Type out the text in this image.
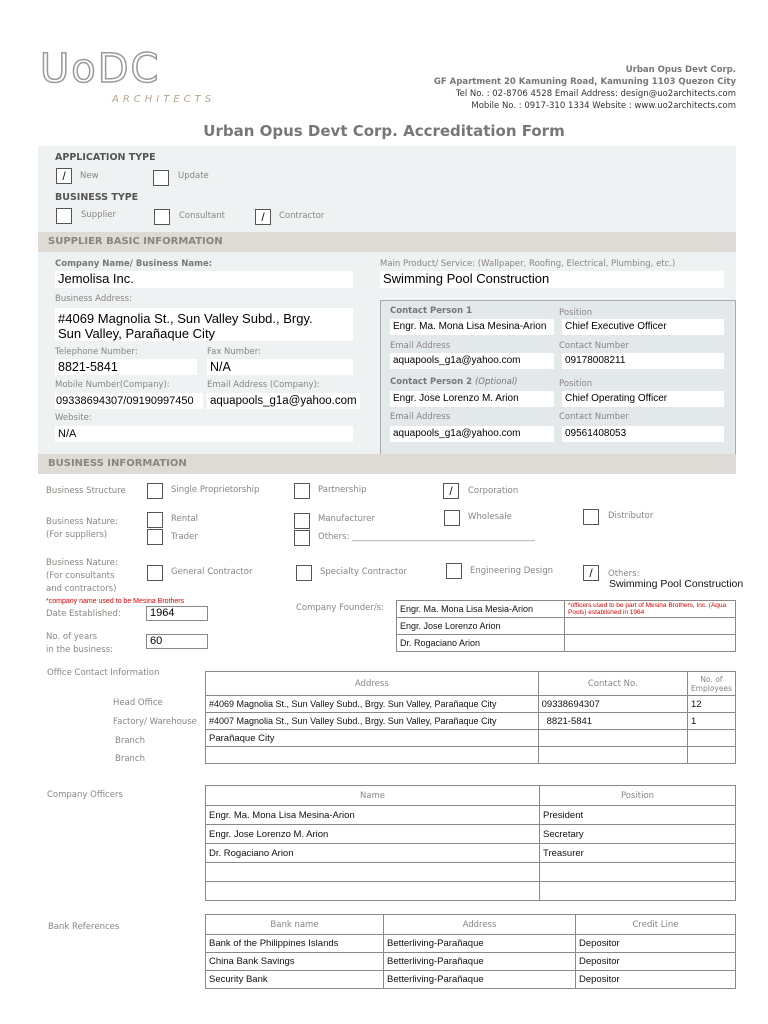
UoDC
ARCHITECTS
Urban Opus Devt Corp.
GF Apartment 20 Kamuning Road, Kamuning 1103 Quezon City
Tel No. : 02-8706 4528 Email Address: design@uo2architects.com
Mobile No. : 0917-310 1334 Website : www.uo2architects.com
Urban Opus Devt Corp. Accreditation Form
APPLICATION TYPE
/	New	Update
BUSINESS TYPE
Supplier	Consultant	/	Contractor
SUPPLIER BASIC INFORMATION
Company Name/ Business Name:
Jemolisa Inc.
Main Product/ Service: (Wallpaper, Roofing, Electrical, Plumbing, etc.)
Swimming Pool Construction
Business Address:
#4069 Magnolia St., Sun Valley Subd., Brgy.
Sun Valley, Parañaque City
Telephone Number:
8821-5841
Fax Number:
N/A
Mobile Number(Company):
09338694307/09190997450
Email Address (Company):
aquapools_g1a@yahoo.com
Website:
N/A
Contact Person 1	Position
Engr. Ma. Mona Lisa Mesina-Arion	Chief Executive Officer
Email Address	Contact Number
aquapools_g1a@yahoo.com	09178008211
Contact Person 2 (Optional)	Position
Engr. Jose Lorenzo M. Arion	Chief Operating Officer
Email Address	Contact Number
aquapools_g1a@yahoo.com	09561408053
BUSINESS INFORMATION
Business Structure	Single Proprietorship	Partnership	/	Corporation
Business Nature:
(For suppliers)
Rental
Trader
Manufacturer
Others: ___________________________________________
Wholesale	Distributor
Business Nature:
(For consultants
and contractors)
General Contractor	Specialty Contractor	Engineering Design	/	Others:
Swimming Pool Construction
*company name used to be Mesina Brothers
Date Established:	1964
No. of years
in the business:
60
Company Founder/s: Engr. Ma. Mona Lisa Mesia-Arion	*officers used to be part of Mesina Brothers, Inc. (Aqua Pools) established in 1964
Engr. Jose Lorenzo Arion	
Dr. Rogaciano Arion	
Office Contact Information
Head Office
Factory/ Warehouse
Branch
Branch
Address	Contact No.	No. of Employees
#4069 Magnolia St., Sun Valley Subd., Brgy. Sun Valley, Parañaque City	09338694307	12
#4007 Magnolia St., Sun Valley Subd., Brgy. Sun Valley, Parañaque City	8821-5841	1
Parañaque City		

Company Officers	Name	Position
Engr. Ma. Mona Lisa Mesina-Arion	President
Engr. Jose Lorenzo M. Arion	Secretary
Dr. Rogaciano Arion	Treasurer

Bank References	Bank name	Address	Credit Line
Bank of the Philippines Islands	Betterliving-Parañaque	Depositor
China Bank Savings	Betterliving-Parañaque	Depositor
Security Bank	Betterliving-Parañaque	Depositor
